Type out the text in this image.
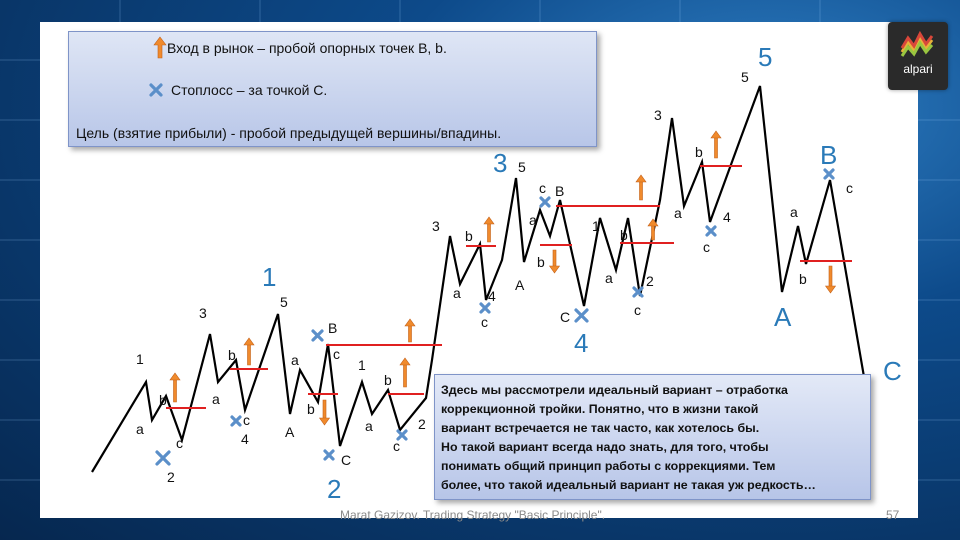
alpari
1
2
3
4
5
A
B
C
1
a
b
c
2
3
b
a
c
4
5
a
A
b
B
c
C
1
a
b
c
2
3
b
a 4
c
5
A
a
c B
b
C
1
b
a 2
c
3
b
a	4
c
5
a
b
c
Вход в рынок – пробой опорных точек B, b.
Стоплосс – за точкой С.
Цель (взятие прибыли) - пробой предыдущей вершины/впадины.
Здесь мы рассмотрели идеальный вариант – отработка
коррекционной тройки. Понятно, что в жизни такой
вариант встречается не так часто, как хотелось бы.
Но такой вариант всегда надо знать, для того, чтобы
понимать общий принцип работы с коррекциями. Тем
более, что такой идеальный вариант не такая уж редкость…
Marat Gazizov. Trading Strategy "Basic Principle".	57
